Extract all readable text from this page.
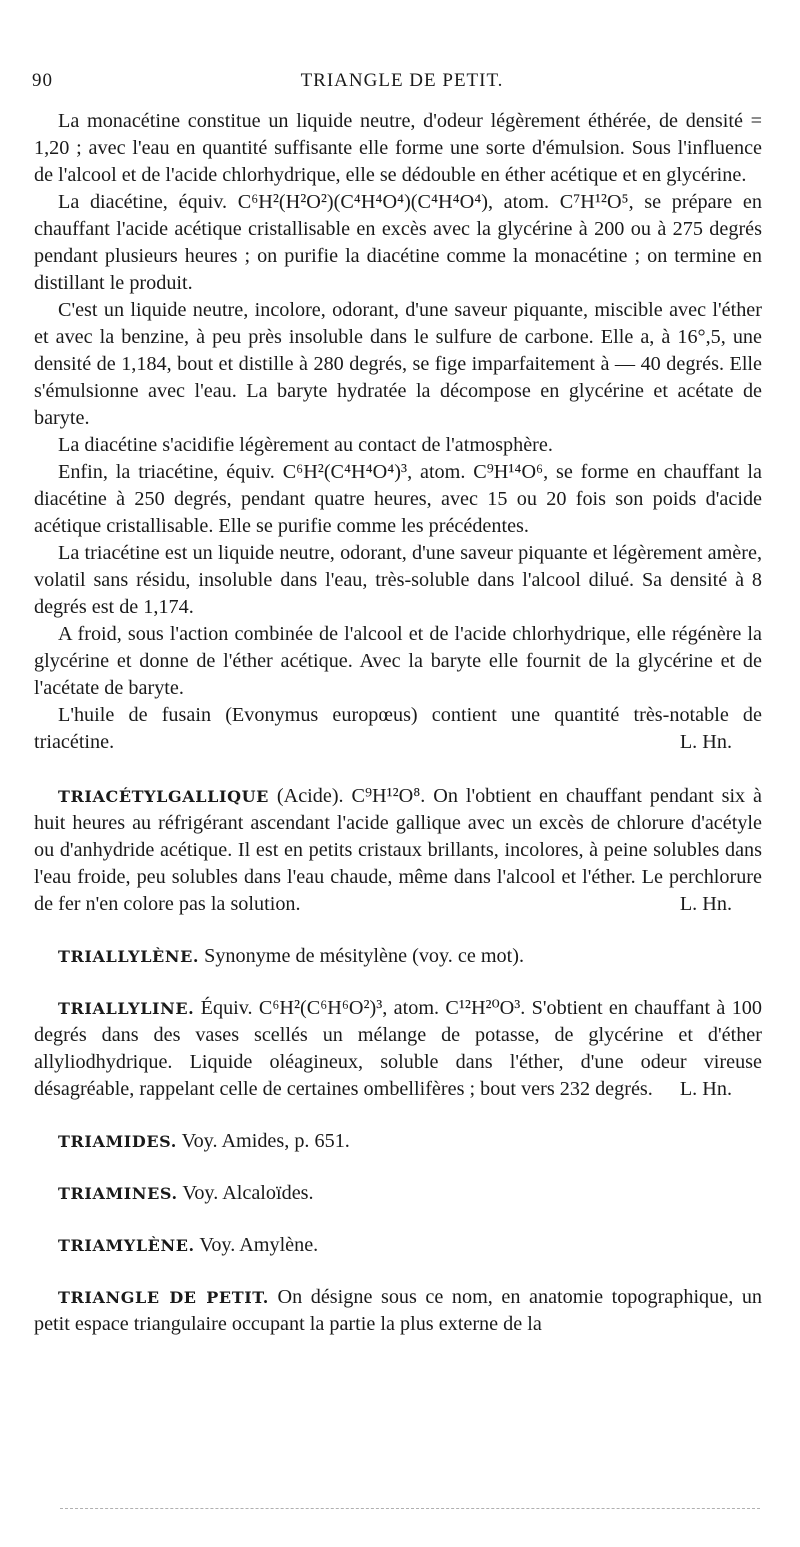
90	TRIANGLE DE PETIT.

La monacétine constitue un liquide neutre, d'odeur légèrement éthérée, de densité = 1,20 ; avec l'eau en quantité suffisante elle forme une sorte d'émulsion. Sous l'influence de l'alcool et de l'acide chlorhydrique, elle se dédouble en éther acétique et en glycérine.

La diacétine, équiv. C⁶H²(H²O²)(C⁴H⁴O⁴)(C⁴H⁴O⁴), atom. C⁷H¹²O⁵, se prépare en chauffant l'acide acétique cristallisable en excès avec la glycérine à 200 ou à 275 degrés pendant plusieurs heures ; on purifie la diacétine comme la monacétine ; on termine en distillant le produit.

C'est un liquide neutre, incolore, odorant, d'une saveur piquante, miscible avec l'éther et avec la benzine, à peu près insoluble dans le sulfure de carbone. Elle a, à 16°,5, une densité de 1,184, bout et distille à 280 degrés, se fige imparfaitement à — 40 degrés. Elle s'émulsionne avec l'eau. La baryte hydratée la décompose en glycérine et acétate de baryte.

La diacétine s'acidifie légèrement au contact de l'atmosphère.

Enfin, la triacétine, équiv. C⁶H²(C⁴H⁴O⁴)³, atom. C⁹H¹⁴O⁶, se forme en chauffant la diacétine à 250 degrés, pendant quatre heures, avec 15 ou 20 fois son poids d'acide acétique cristallisable. Elle se purifie comme les précédentes.

La triacétine est un liquide neutre, odorant, d'une saveur piquante et légèrement amère, volatil sans résidu, insoluble dans l'eau, très-soluble dans l'alcool dilué. Sa densité à 8 degrés est de 1,174.

A froid, sous l'action combinée de l'alcool et de l'acide chlorhydrique, elle régénère la glycérine et donne de l'éther acétique. Avec la baryte elle fournit de la glycérine et de l'acétate de baryte.

L'huile de fusain (Evonymus europœus) contient une quantité très-notable de triacétine.	L. Hn.

TRIACÉTYLGALLIQUE (Acide). C⁹H¹²O⁸. On l'obtient en chauffant pendant six à huit heures au réfrigérant ascendant l'acide gallique avec un excès de chlorure d'acétyle ou d'anhydride acétique. Il est en petits cristaux brillants, incolores, à peine solubles dans l'eau froide, peu solubles dans l'eau chaude, même dans l'alcool et l'éther. Le perchlorure de fer n'en colore pas la solution.	L. Hn.

TRIALLYLÈNE. Synonyme de mésitylène (voy. ce mot).

TRIALLYLINE. Équiv. C⁶H²(C⁶H⁶O²)³, atom. C¹²H²⁰O³. S'obtient en chauffant à 100 degrés dans des vases scellés un mélange de potasse, de glycérine et d'éther allyliodhydrique. Liquide oléagineux, soluble dans l'éther, d'une odeur vireuse désagréable, rappelant celle de certaines ombellifères ; bout vers 232 degrés. L. Hn.

TRIAMIDES. Voy. Amides, p. 651.

TRIAMINES. Voy. Alcaloïdes.

TRIAMYLÈNE. Voy. Amylène.

TRIANGLE DE PETIT. On désigne sous ce nom, en anatomie topographique, un petit espace triangulaire occupant la partie la plus externe de la
